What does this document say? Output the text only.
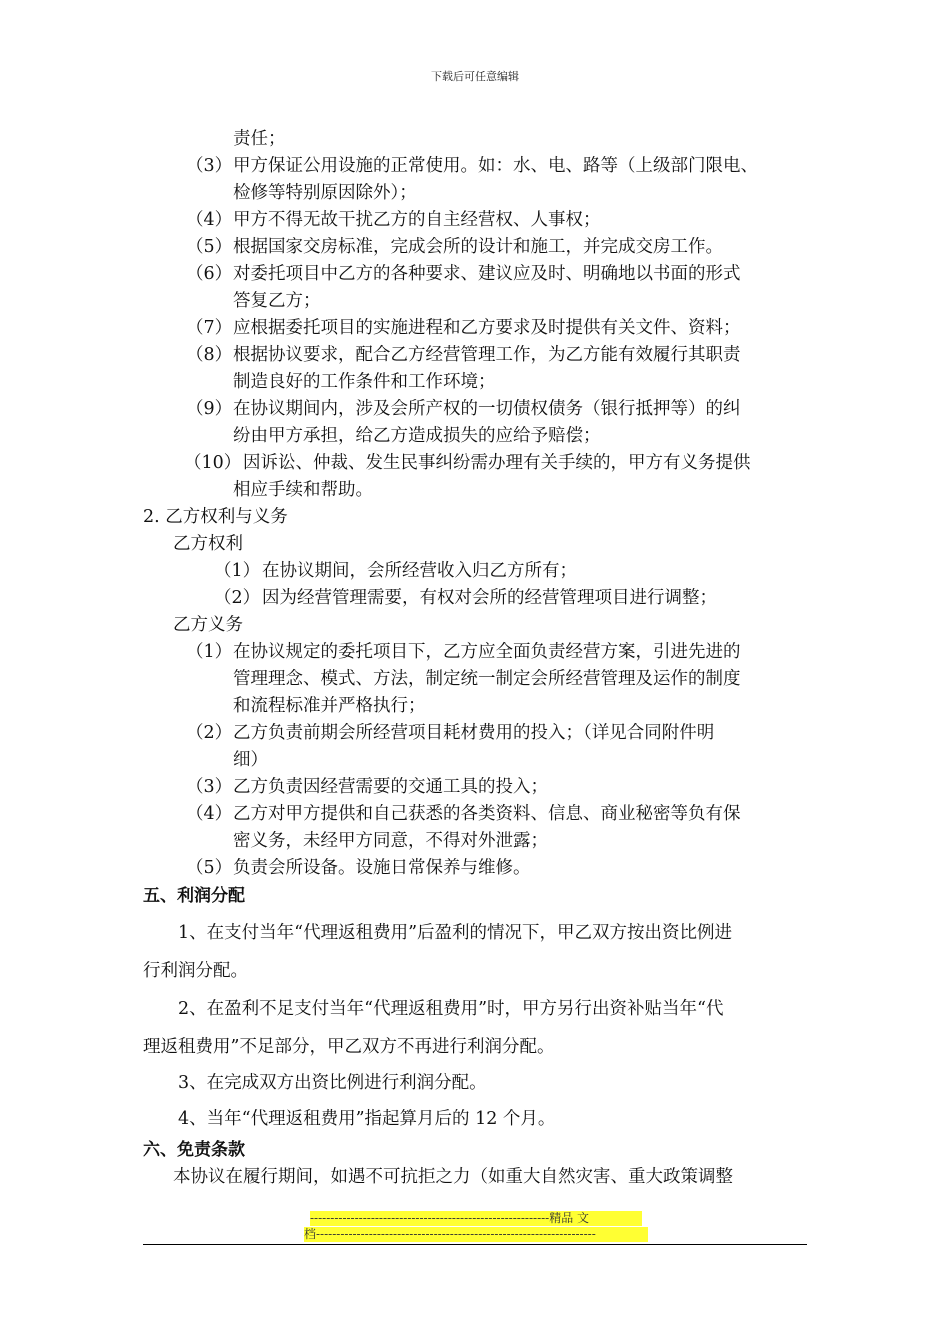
下载后可任意编辑
责任；
（3）甲方保证公用设施的正常使用。如：水、电、路等（上级部门限电、
检修等特别原因除外）；
（4）甲方不得无故干扰乙方的自主经营权、人事权；
（5）根据国家交房标准，完成会所的设计和施工，并完成交房工作。
（6）对委托项目中乙方的各种要求、建议应及时、明确地以书面的形式
答复乙方；
（7）应根据委托项目的实施进程和乙方要求及时提供有关文件、资料；
（8）根据协议要求，配合乙方经营管理工作，为乙方能有效履行其职责
制造良好的工作条件和工作环境；
（9）在协议期间内，涉及会所产权的一切债权债务（银行抵押等）的纠
纷由甲方承担，给乙方造成损失的应给予赔偿；
（10）因诉讼、仲裁、发生民事纠纷需办理有关手续的，甲方有义务提供
相应手续和帮助。
2. 乙方权利与义务
乙方权利
（1） 在协议期间，会所经营收入归乙方所有；
（2） 因为经营管理需要，有权对会所的经营管理项目进行调整；
乙方义务
（1）在协议规定的委托项目下，乙方应全面负责经营方案，引进先进的
管理理念、模式、方法，制定统一制定会所经营管理及运作的制度
和流程标准并严格执行；
（2）乙方负责前期会所经营项目耗材费用的投入；（详见合同附件明
细）
（3）乙方负责因经营需要的交通工具的投入；
（4）乙方对甲方提供和自己获悉的各类资料、信息、商业秘密等负有保
密义务，未经甲方同意，不得对外泄露；
（5）负责会所设备。设施日常保养与维修。
五、利润分配
1、在支付当年“代理返租费用”后盈利的情况下，甲乙双方按出资比例进
行利润分配。
2、在盈利不足支付当年“代理返租费用”时，甲方另行出资补贴当年“代
理返租费用”不足部分，甲乙双方不再进行利润分配。
3、在完成双方出资比例进行利润分配。
4、当年“代理返租费用”指起算月后的 12 个月。
六、免责条款
本协议在履行期间，如遇不可抗拒之力（如重大自然灾害、重大政策调整
-----------------------------------------------------------精品 文
档---------------------------------------------------------------------
